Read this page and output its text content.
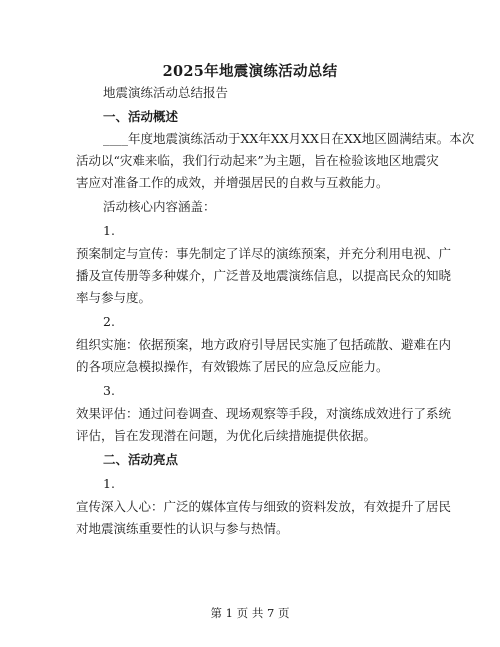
2025年地震演练活动总结
地震演练活动总结报告
一、活动概述
____年度地震演练活动于XX年XX月XX日在XX地区圆满结束。本次
活动以“灾难来临，我们行动起来”为主题，旨在检验该地区地震灾
害应对准备工作的成效，并增强居民的自救与互救能力。
活动核心内容涵盖：
1.
预案制定与宣传：事先制定了详尽的演练预案，并充分利用电视、广
播及宣传册等多种媒介，广泛普及地震演练信息，以提高民众的知晓
率与参与度。
2.
组织实施：依据预案，地方政府引导居民实施了包括疏散、避难在内
的各项应急模拟操作，有效锻炼了居民的应急反应能力。
3.
效果评估：通过问卷调查、现场观察等手段，对演练成效进行了系统
评估，旨在发现潜在问题，为优化后续措施提供依据。
二、活动亮点
1.
宣传深入人心：广泛的媒体宣传与细致的资料发放，有效提升了居民
对地震演练重要性的认识与参与热情。
第 1 页 共 7 页
